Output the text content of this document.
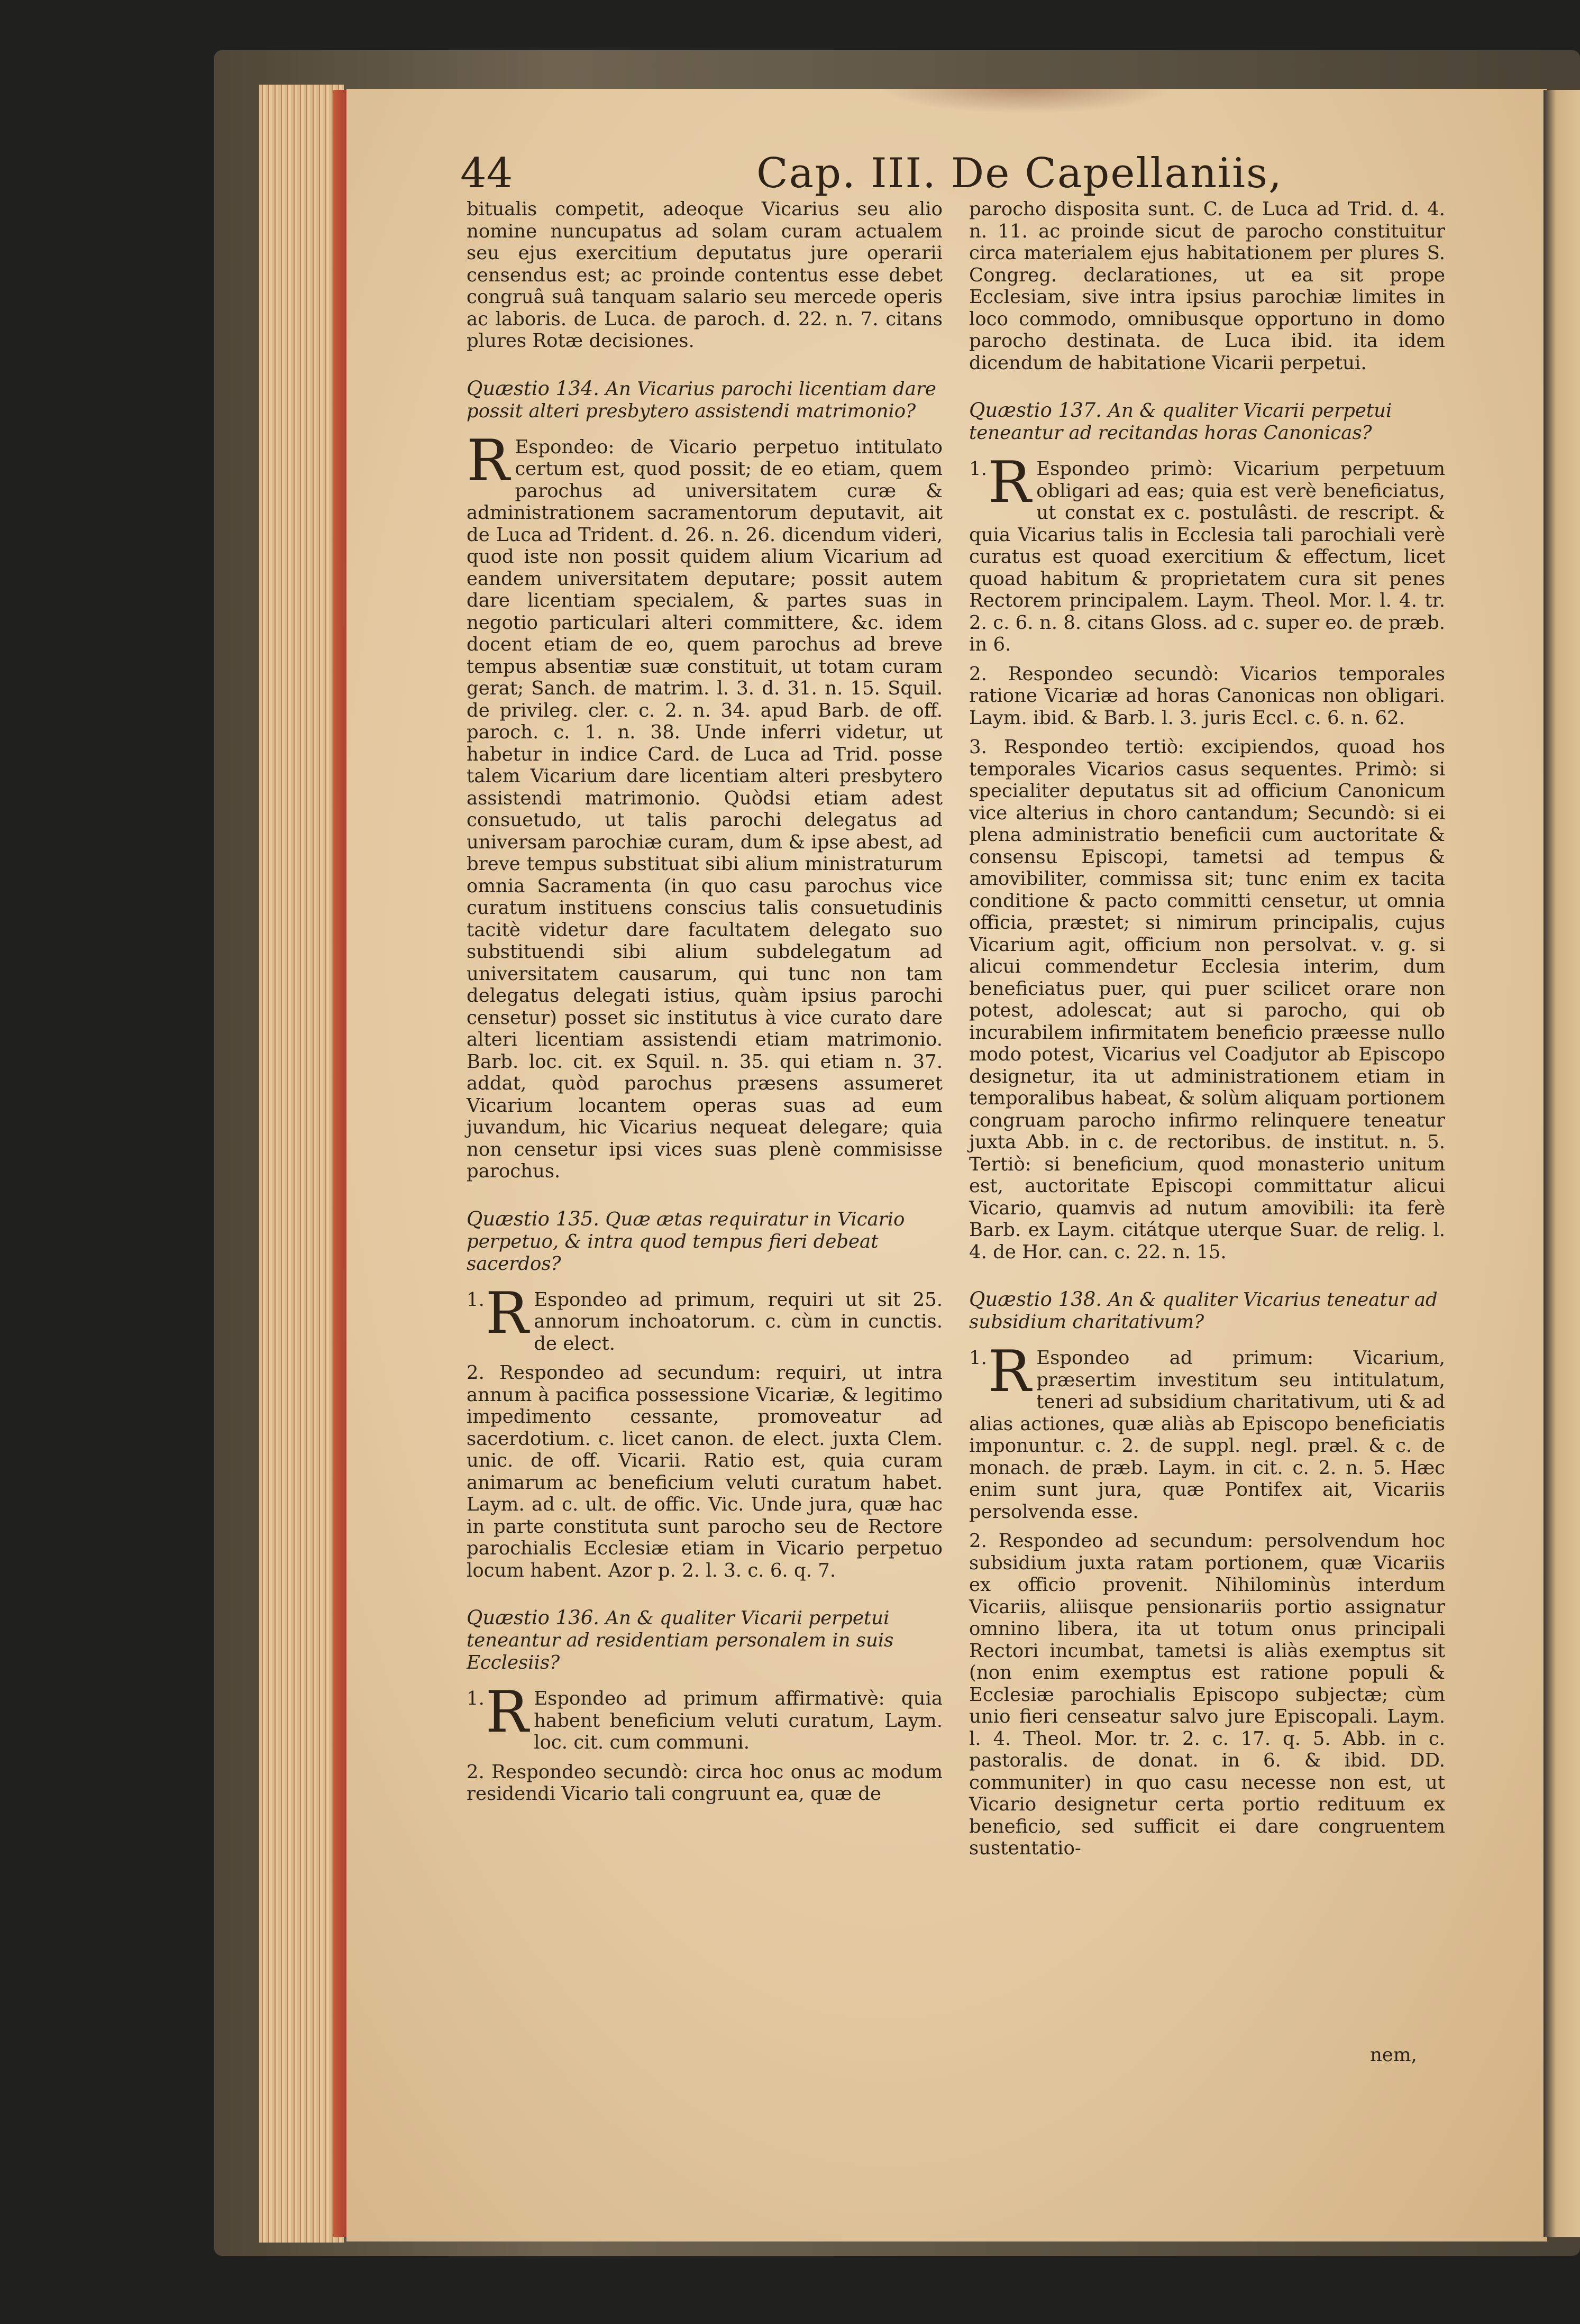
44	Cap. III. De Capellaniis,

bitualis competit, adeoque Vicarius seu alio nomine nuncupatus ad solam curam actualem seu ejus exercitium deputatus jure operarii censendus est; ac proinde contentus esse debet congruâ suâ tanquam salario seu mercede operis ac laboris. de Luca. de paroch. d. 22. n. 7. citans plures Rotæ decisiones.

Quæstio 134. An Vicarius parochi licentiam dare possit alteri presbytero assistendi matrimonio?

R Espondeo: de Vicario perpetuo intitulato certum est, quod possit; de eo etiam, quem parochus ad universitatem curæ & administrationem sacramentorum deputavit, ait de Luca ad Trident. d. 26. n. 26. dicendum videri, quod iste non possit quidem alium Vicarium ad eandem universitatem deputare; possit autem dare licentiam specialem, & partes suas in negotio particulari alteri committere, &c. idem docent etiam de eo, quem parochus ad breve tempus absentiæ suæ constituit, ut totam curam gerat; Sanch. de matrim. l. 3. d. 31. n. 15. Squil. de privileg. cler. c. 2. n. 34. apud Barb. de off. paroch. c. 1. n. 38. Unde inferri videtur, ut habetur in indice Card. de Luca ad Trid. posse talem Vicarium dare licentiam alteri presbytero assistendi matrimonio. Quòdsi etiam adest consuetudo, ut talis parochi delegatus ad universam parochiæ curam, dum & ipse abest, ad breve tempus substituat sibi alium ministraturum omnia Sacramenta (in quo casu parochus vice curatum instituens conscius talis consuetudinis tacitè videtur dare facultatem delegato suo substituendi sibi alium subdelegatum ad universitatem causarum, qui tunc non tam delegatus delegati istius, quàm ipsius parochi censetur) posset sic institutus à vice curato dare alteri licentiam assistendi etiam matrimonio. Barb. loc. cit. ex Squil. n. 35. qui etiam n. 37. addat, quòd parochus præsens assumeret Vicarium locantem operas suas ad eum juvandum, hic Vicarius nequeat delegare; quia non censetur ipsi vices suas plenè commisisse parochus.

Quæstio 135. Quæ ætas requiratur in Vicario perpetuo, & intra quod tempus fieri debeat sacerdos?

1. R Espondeo ad primum, requiri ut sit 25. annorum inchoatorum. c. cùm in cunctis. de elect.

2. Respondeo ad secundum: requiri, ut intra annum à pacifica possessione Vicariæ, & legitimo impedimento cessante, promoveatur ad sacerdotium. c. licet canon. de elect. juxta Clem. unic. de off. Vicarii. Ratio est, quia curam animarum ac beneficium veluti curatum habet. Laym. ad c. ult. de offic. Vic. Unde jura, quæ hac in parte constituta sunt parocho seu de Rectore parochialis Ecclesiæ etiam in Vicario perpetuo locum habent. Azor p. 2. l. 3. c. 6. q. 7.

Quæstio 136. An & qualiter Vicarii perpetui teneantur ad residentiam personalem in suis Ecclesiis?

1. R Espondeo ad primum affirmativè: quia habent beneficium veluti curatum, Laym. loc. cit. cum communi.

2. Respondeo secundò: circa hoc onus ac modum residendi Vicario tali congruunt ea, quæ de

parocho disposita sunt. C. de Luca ad Trid. d. 4. n. 11. ac proinde sicut de parocho constituitur circa materialem ejus habitationem per plures S. Congreg. declarationes, ut ea sit prope Ecclesiam, sive intra ipsius parochiæ limites in loco commodo, omnibusque opportuno in domo parocho destinata. de Luca ibid. ita idem dicendum de habitatione Vicarii perpetui.

Quæstio 137. An & qualiter Vicarii perpetui teneantur ad recitandas horas Canonicas?

1. R Espondeo primò: Vicarium perpetuum obligari ad eas; quia est verè beneficiatus, ut constat ex c. postulâsti. de rescript. & quia Vicarius talis in Ecclesia tali parochiali verè curatus est quoad exercitium & effectum, licet quoad habitum & proprietatem cura sit penes Rectorem principalem. Laym. Theol. Mor. l. 4. tr. 2. c. 6. n. 8. citans Gloss. ad c. super eo. de præb. in 6.

2. Respondeo secundò: Vicarios temporales ratione Vicariæ ad horas Canonicas non obligari. Laym. ibid. & Barb. l. 3. juris Eccl. c. 6. n. 62.

3. Respondeo tertiò: excipiendos, quoad hos temporales Vicarios casus sequentes. Primò: si specialiter deputatus sit ad officium Canonicum vice alterius in choro cantandum; Secundò: si ei plena administratio beneficii cum auctoritate & consensu Episcopi, tametsi ad tempus & amovibiliter, commissa sit; tunc enim ex tacita conditione & pacto committi censetur, ut omnia officia, præstet; si nimirum principalis, cujus Vicarium agit, officium non persolvat. v. g. si alicui commendetur Ecclesia interim, dum beneficiatus puer, qui puer scilicet orare non potest, adolescat; aut si parocho, qui ob incurabilem infirmitatem beneficio præesse nullo modo potest, Vicarius vel Coadjutor ab Episcopo designetur, ita ut administrationem etiam in temporalibus habeat, & solùm aliquam portionem congruam parocho infirmo relinquere teneatur juxta Abb. in c. de rectoribus. de institut. n. 5. Tertiò: si beneficium, quod monasterio unitum est, auctoritate Episcopi committatur alicui Vicario, quamvis ad nutum amovibili: ita ferè Barb. ex Laym. citátque uterque Suar. de relig. l. 4. de Hor. can. c. 22. n. 15.

Quæstio 138. An & qualiter Vicarius teneatur ad subsidium charitativum?

1. R Espondeo ad primum: Vicarium, præsertim investitum seu intitulatum, teneri ad subsidium charitativum, uti & ad alias actiones, quæ aliàs ab Episcopo beneficiatis imponuntur. c. 2. de suppl. negl. præl. & c. de monach. de præb. Laym. in cit. c. 2. n. 5. Hæc enim sunt jura, quæ Pontifex ait, Vicariis persolvenda esse.

2. Respondeo ad secundum: persolvendum hoc subsidium juxta ratam portionem, quæ Vicariis ex officio provenit. Nihilominùs interdum Vicariis, aliisque pensionariis portio assignatur omnino libera, ita ut totum onus principali Rectori incumbat, tametsi is aliàs exemptus sit (non enim exemptus est ratione populi & Ecclesiæ parochialis Episcopo subjectæ; cùm unio fieri censeatur salvo jure Episcopali. Laym. l. 4. Theol. Mor. tr. 2. c. 17. q. 5. Abb. in c. pastoralis. de donat. in 6. & ibid. DD. communiter) in quo casu necesse non est, ut Vicario designetur certa portio redituum ex beneficio, sed sufficit ei dare congruentem sustentatio-

nem,
